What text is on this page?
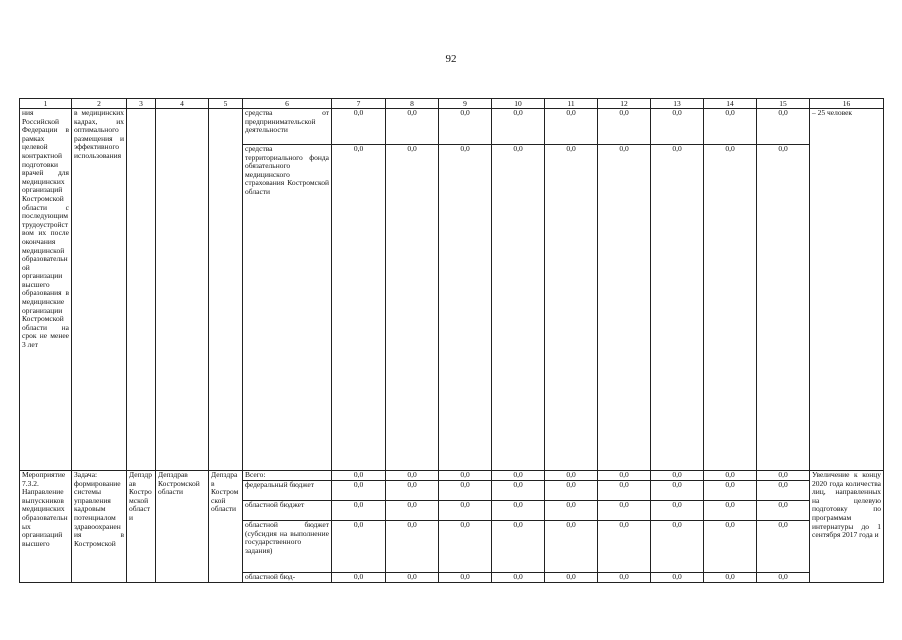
92
1	2	3	4	5	6	7	8	9	10	11	12	13	14	15	16
ния Российской Федерации в рамках целевой контрактной подготовки врачей для медицинских организаций Костромской области с последующим трудоустройством их после окончания медицинской образовательной организации высшего образования в медицинские организации Костромской области на срок не менее 3 лет	в медицинских кадрах, их оптимального размещения и эффективного использования				средства от предпринимательской деятельности	0,0	0,0	0,0	0,0	0,0	0,0	0,0	0,0	0,0	– 25 человек
					средства территориального фонда обязательного медицинского страхования Костромской области	0,0	0,0	0,0	0,0	0,0	0,0	0,0	0,0	0,0	
Мероприятие 7.3.2. Направление выпускников медицинских образовательных организаций высшего	Задача: формирование системы управления кадровым потенциалом здравоохранения в Костромской	Депздрав Костромской области	Депздрав Костромской области	Депздрав Костромской области	Всего:	0,0	0,0	0,0	0,0	0,0	0,0	0,0	0,0	0,0	Увеличение к концу 2020 года количества лиц, направленных на целевую подготовку по программам интернатуры до 1 сентября 2017 года и
					федеральный бюджет	0,0	0,0	0,0	0,0	0,0	0,0	0,0	0,0	0,0	
					областной бюджет	0,0	0,0	0,0	0,0	0,0	0,0	0,0	0,0	0,0	
					областной бюджет (субсидия на выполнение государственного задания)	0,0	0,0	0,0	0,0	0,0	0,0	0,0	0,0	0,0	
					областной бюд-	0,0	0,0	0,0	0,0	0,0	0,0	0,0	0,0	0,0	
